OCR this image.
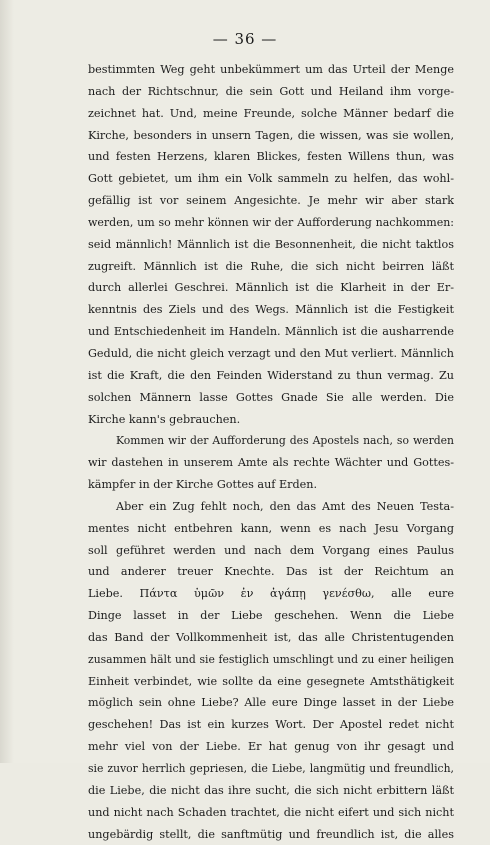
— 36 —
bestimmten Weg geht unbekümmert um das Urteil der Menge
nach der Richtschnur, die sein Gott und Heiland ihm vorge-
zeichnet hat. Und, meine Freunde, solche Männer bedarf die
Kirche, besonders in unsern Tagen, die wissen, was sie wollen,
und festen Herzens, klaren Blickes, festen Willens thun, was
Gott gebietet, um ihm ein Volk sammeln zu helfen, das wohl-
gefällig ist vor seinem Angesichte. Je mehr wir aber stark
werden, um so mehr können wir der Aufforderung nachkommen:
seid männlich! Männlich ist die Besonnenheit, die nicht taktlos
zugreift. Männlich ist die Ruhe, die sich nicht beirren läßt
durch allerlei Geschrei. Männlich ist die Klarheit in der Er-
kenntnis des Ziels und des Wegs. Männlich ist die Festigkeit
und Entschiedenheit im Handeln. Männlich ist die ausharrende
Geduld, die nicht gleich verzagt und den Mut verliert. Männlich
ist die Kraft, die den Feinden Widerstand zu thun vermag. Zu
solchen Männern lasse Gottes Gnade Sie alle werden. Die
Kirche kann's gebrauchen.
Kommen wir der Aufforderung des Apostels nach, so werden
wir dastehen in unserem Amte als rechte Wächter und Gottes-
kämpfer in der Kirche Gottes auf Erden.
Aber ein Zug fehlt noch, den das Amt des Neuen Testa-
mentes nicht entbehren kann, wenn es nach Jesu Vorgang
soll geführet werden und nach dem Vorgang eines Paulus
und anderer treuer Knechte. Das ist der Reichtum an
Liebe. Πάντα ὑμῶν ἐν ἀγάπῃ γενέσθω, alle eure
Dinge lasset in der Liebe geschehen. Wenn die Liebe
das Band der Vollkommenheit ist, das alle Christentugenden
zusammen hält und sie festiglich umschlingt und zu einer heiligen
Einheit verbindet, wie sollte da eine gesegnete Amtsthätigkeit
möglich sein ohne Liebe? Alle eure Dinge lasset in der Liebe
geschehen! Das ist ein kurzes Wort. Der Apostel redet nicht
mehr viel von der Liebe. Er hat genug von ihr gesagt und
sie zuvor herrlich gepriesen, die Liebe, langmütig und freundlich,
die Liebe, die nicht das ihre sucht, die sich nicht erbittern läßt
und nicht nach Schaden trachtet, die nicht eifert und sich nicht
ungebärdig stellt, die sanftmütig und freundlich ist, die alles
